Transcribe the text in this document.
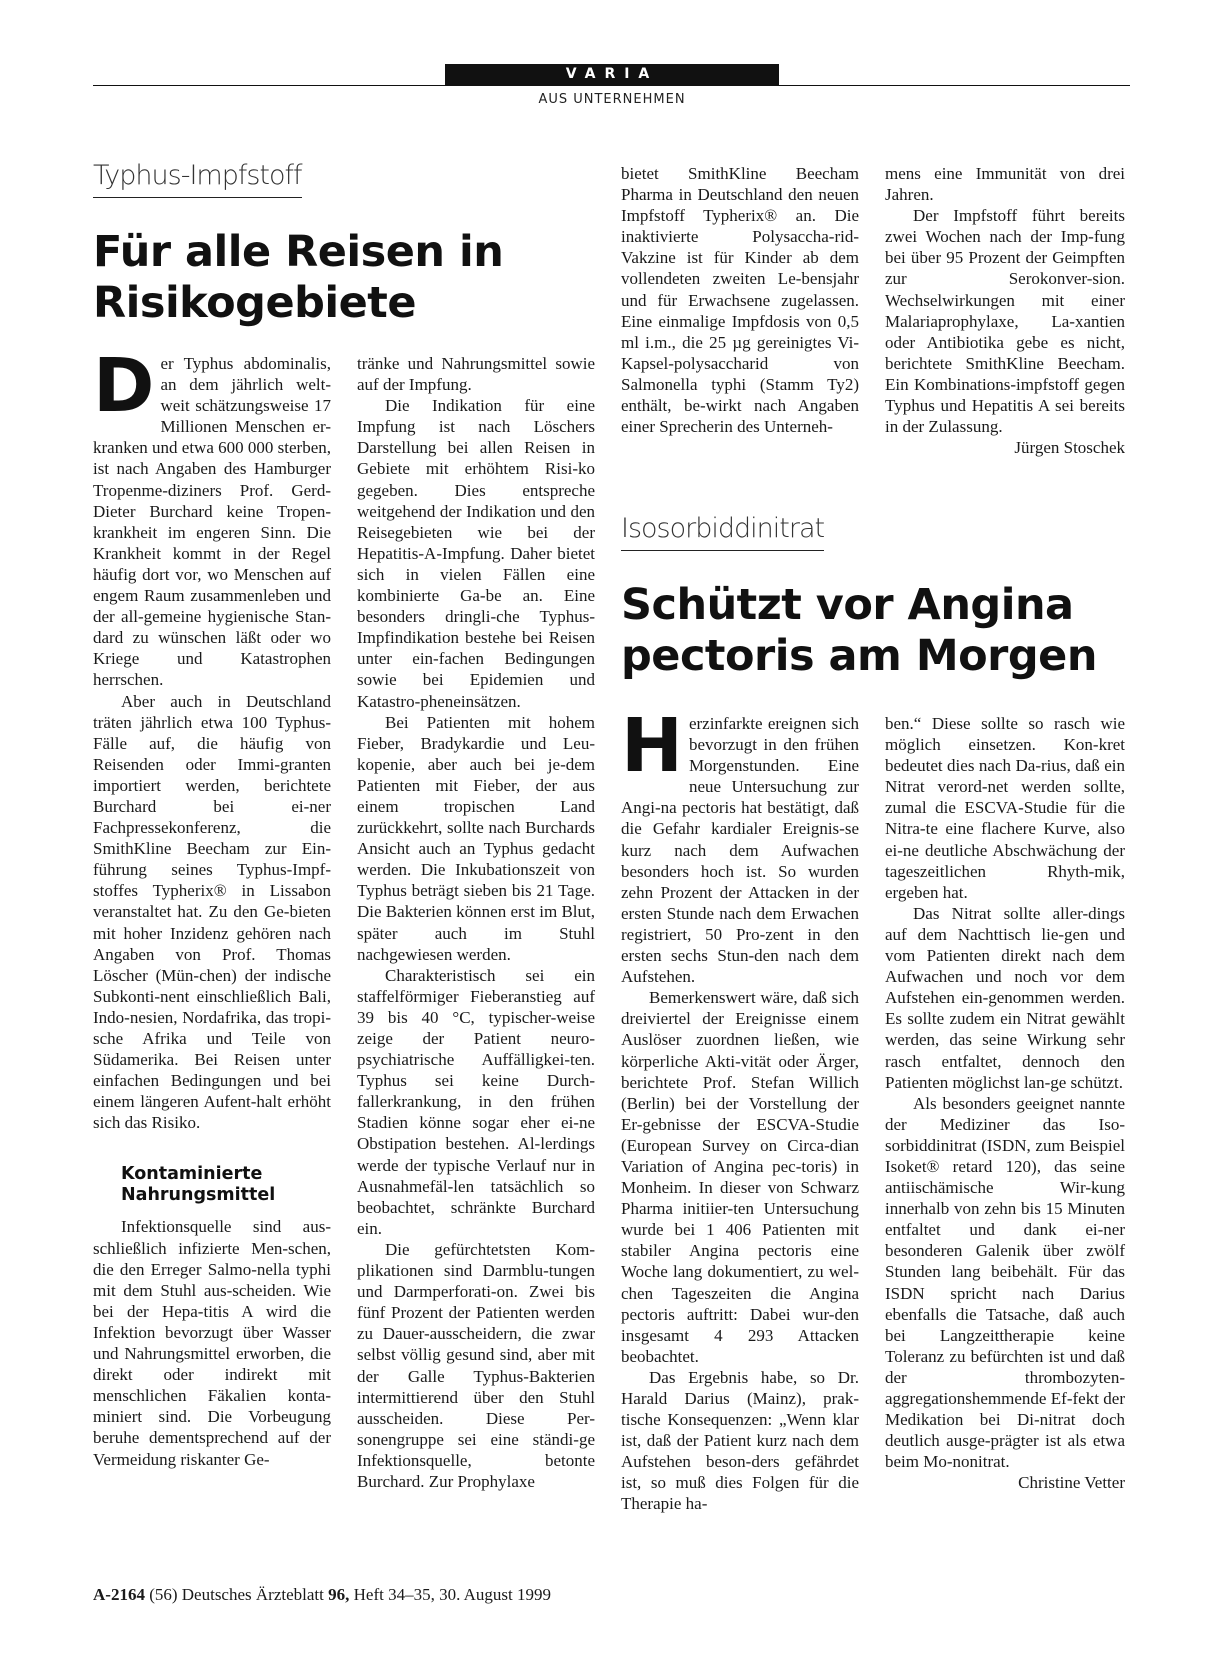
VARIA
AUS UNTERNEHMEN
Typhus-Impfstoff
Für alle Reisen in Risikogebiete

Der Typhus abdominalis, an dem jährlich welt-weit schätzungsweise 17 Millionen Menschen er-kranken und etwa 600 000 sterben, ist nach Angaben des Hamburger Tropenme-diziners Prof. Gerd-Dieter Burchard keine Tropen-krankheit im engeren Sinn. Die Krankheit kommt in der Regel häufig dort vor, wo Menschen auf engem Raum zusammenleben und der all-gemeine hygienische Stan-dard zu wünschen läßt oder wo Kriege und Katastrophen herrschen.

Aber auch in Deutschland träten jährlich etwa 100 Typhus-Fälle auf, die häufig von Reisenden oder Immi-granten importiert werden, berichtete Burchard bei ei-ner Fachpressekonferenz, die SmithKline Beecham zur Ein-führung seines Typhus-Impf-stoffes Typherix® in Lissabon veranstaltet hat. Zu den Ge-bieten mit hoher Inzidenz gehören nach Angaben von Prof. Thomas Löscher (Mün-chen) der indische Subkonti-nent einschließlich Bali, Indo-nesien, Nordafrika, das tropi-sche Afrika und Teile von Südamerika. Bei Reisen unter einfachen Bedingungen und bei einem längeren Aufent-halt erhöht sich das Risiko.

Kontaminierte Nahrungsmittel

Infektionsquelle sind aus-schließlich infizierte Men-schen, die den Erreger Salmo-nella typhi mit dem Stuhl aus-scheiden. Wie bei der Hepa-titis A wird die Infektion bevorzugt über Wasser und Nahrungsmittel erworben, die direkt oder indirekt mit menschlichen Fäkalien konta-miniert sind. Die Vorbeugung beruhe dementsprechend auf der Vermeidung riskanter Ge-

tränke und Nahrungsmittel sowie auf der Impfung.

Die Indikation für eine Impfung ist nach Löschers Darstellung bei allen Reisen in Gebiete mit erhöhtem Risi-ko gegeben. Dies entspreche weitgehend der Indikation und den Reisegebieten wie bei der Hepatitis-A-Impfung. Daher bietet sich in vielen Fällen eine kombinierte Ga-be an. Eine besonders dringli-che Typhus-Impfindikation bestehe bei Reisen unter ein-fachen Bedingungen sowie bei Epidemien und Katastro-pheneinsätzen.

Bei Patienten mit hohem Fieber, Bradykardie und Leu-kopenie, aber auch bei je-dem Patienten mit Fieber, der aus einem tropischen Land zurückkehrt, sollte nach Burchards Ansicht auch an Typhus gedacht werden. Die Inkubationszeit von Typhus beträgt sieben bis 21 Tage. Die Bakterien können erst im Blut, später auch im Stuhl nachgewiesen werden.

Charakteristisch sei ein staffelförmiger Fieberanstieg auf 39 bis 40 °C, typischer-weise zeige der Patient neuro-psychiatrische Auffälligkei-ten. Typhus sei keine Durch-fallerkrankung, in den frühen Stadien könne sogar eher ei-ne Obstipation bestehen. Al-lerdings werde der typische Verlauf nur in Ausnahmefäl-len tatsächlich so beobachtet, schränkte Burchard ein.

Die gefürchtetsten Kom-plikationen sind Darmblu-tungen und Darmperforati-on. Zwei bis fünf Prozent der Patienten werden zu Dauer-ausscheidern, die zwar selbst völlig gesund sind, aber mit der Galle Typhus-Bakterien intermittierend über den Stuhl ausscheiden. Diese Per-sonengruppe sei eine ständi-ge Infektionsquelle, betonte Burchard. Zur Prophylaxe

bietet SmithKline Beecham Pharma in Deutschland den neuen Impfstoff Typherix® an. Die inaktivierte Polysaccha-rid-Vakzine ist für Kinder ab dem vollendeten zweiten Le-bensjahr und für Erwachsene zugelassen. Eine einmalige Impfdosis von 0,5 ml i.m., die 25 µg gereinigtes Vi-Kapsel-polysaccharid von Salmonella typhi (Stamm Ty2) enthält, be-wirkt nach Angaben einer Sprecherin des Unterneh-

mens eine Immunität von drei Jahren.

Der Impfstoff führt bereits zwei Wochen nach der Imp-fung bei über 95 Prozent der Geimpften zur Serokonver-sion. Wechselwirkungen mit einer Malariaprophylaxe, La-xantien oder Antibiotika gebe es nicht, berichtete SmithKline Beecham. Ein Kombinations-impfstoff gegen Typhus und Hepatitis A sei bereits in der Zulassung.
Jürgen Stoschek

Isosorbiddinitrat
Schützt vor Angina pectoris am Morgen

Herzinfarkte ereignen sich bevorzugt in den frühen Morgenstunden. Eine neue Untersuchung zur Angi-na pectoris hat bestätigt, daß die Gefahr kardialer Ereignis-se kurz nach dem Aufwachen besonders hoch ist. So wurden zehn Prozent der Attacken in der ersten Stunde nach dem Erwachen registriert, 50 Pro-zent in den ersten sechs Stun-den nach dem Aufstehen.

Bemerkenswert wäre, daß sich dreiviertel der Ereignisse einem Auslöser zuordnen ließen, wie körperliche Akti-vität oder Ärger, berichtete Prof. Stefan Willich (Berlin) bei der Vorstellung der Er-gebnisse der ESCVA-Studie (European Survey on Circa-dian Variation of Angina pec-toris) in Monheim. In dieser von Schwarz Pharma initiier-ten Untersuchung wurde bei 1 406 Patienten mit stabiler Angina pectoris eine Woche lang dokumentiert, zu wel-chen Tageszeiten die Angina pectoris auftritt: Dabei wur-den insgesamt 4 293 Attacken beobachtet.

Das Ergebnis habe, so Dr. Harald Darius (Mainz), prak-tische Konsequenzen: „Wenn klar ist, daß der Patient kurz nach dem Aufstehen beson-ders gefährdet ist, so muß dies Folgen für die Therapie ha-

ben.“ Diese sollte so rasch wie möglich einsetzen. Kon-kret bedeutet dies nach Da-rius, daß ein Nitrat verord-net werden sollte, zumal die ESCVA-Studie für die Nitra-te eine flachere Kurve, also ei-ne deutliche Abschwächung der tageszeitlichen Rhyth-mik, ergeben hat.

Das Nitrat sollte aller-dings auf dem Nachttisch lie-gen und vom Patienten direkt nach dem Aufwachen und noch vor dem Aufstehen ein-genommen werden. Es sollte zudem ein Nitrat gewählt werden, das seine Wirkung sehr rasch entfaltet, dennoch den Patienten möglichst lan-ge schützt.

Als besonders geeignet nannte der Mediziner das Iso-sorbiddinitrat (ISDN, zum Beispiel Isoket® retard 120), das seine antiischämische Wir-kung innerhalb von zehn bis 15 Minuten entfaltet und dank ei-ner besonderen Galenik über zwölf Stunden lang beibehält. Für das ISDN spricht nach Darius ebenfalls die Tatsache, daß auch bei Langzeittherapie keine Toleranz zu befürchten ist und daß der thrombozyten-aggregationshemmende Ef-fekt der Medikation bei Di-nitrat doch deutlich ausge-prägter ist als etwa beim Mo-nonitrat.

Christine Vetter

A-2164 (56) Deutsches Ärzteblatt 96, Heft 34–35, 30. August 1999
